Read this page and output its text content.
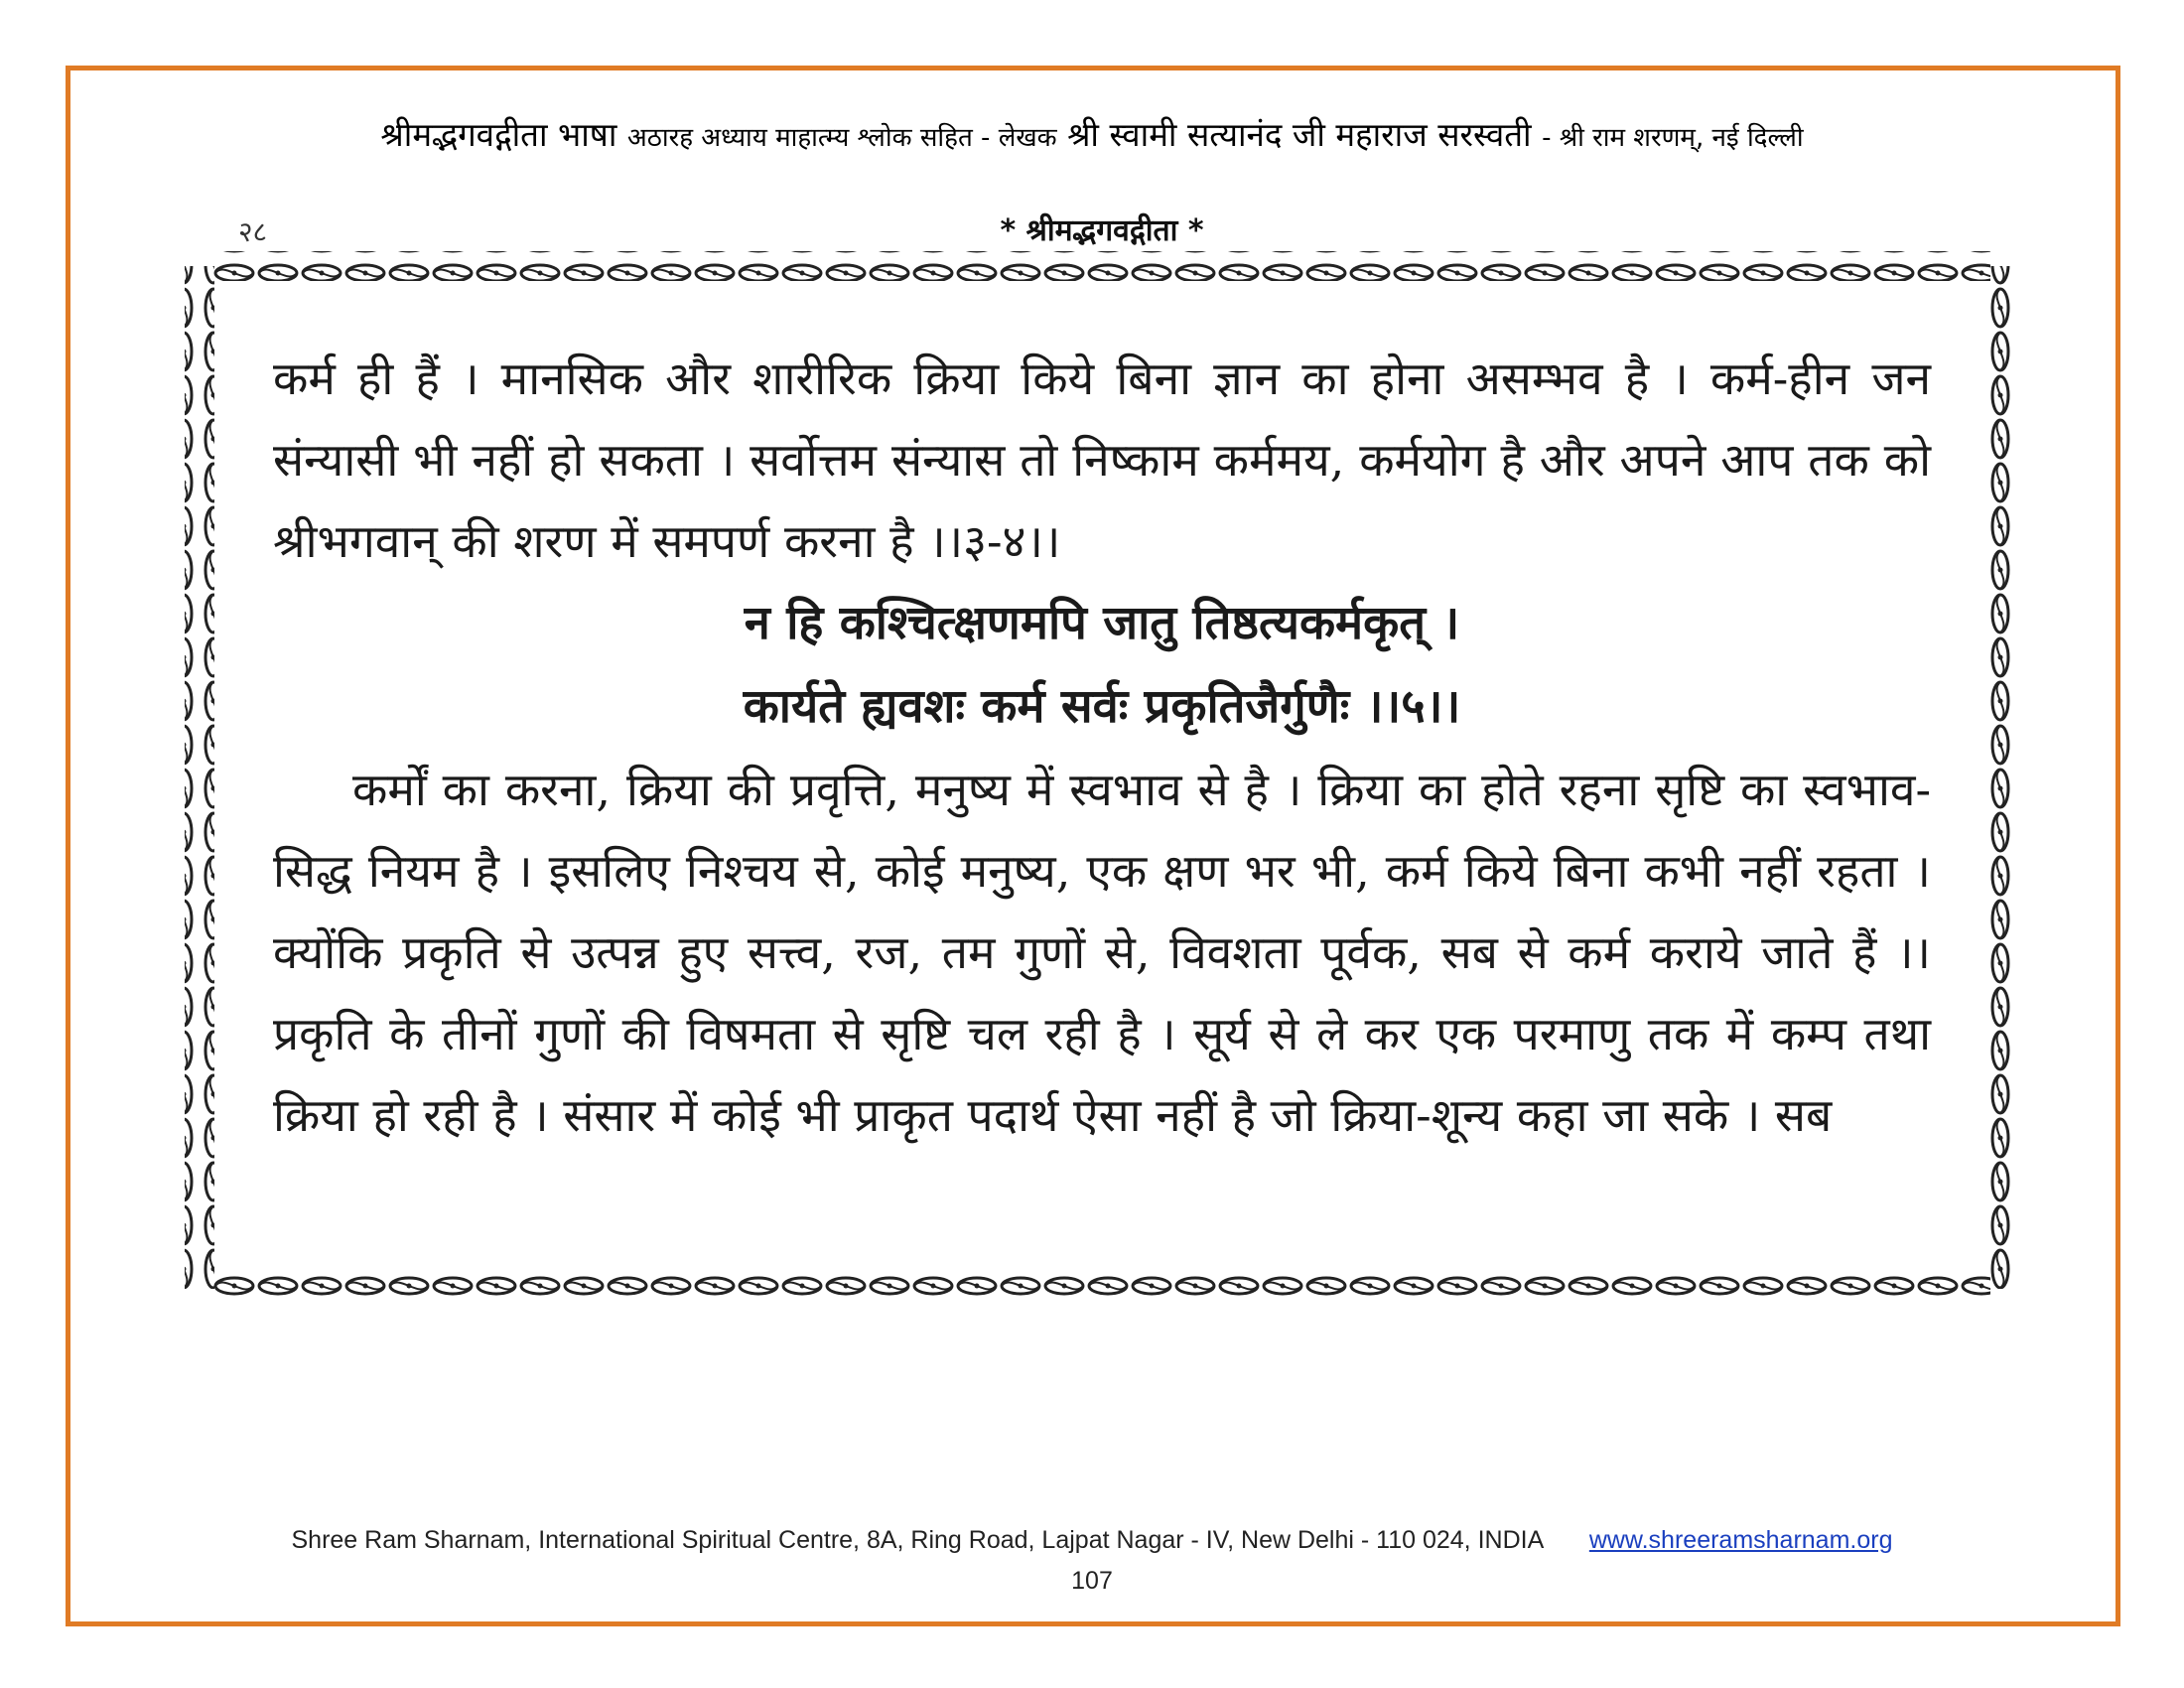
श्रीमद्भगवद्गीता भाषा अठारह अध्याय माहात्म्य श्लोक सहित - लेखक श्री स्वामी सत्यानंद जी महाराज सरस्वती - श्री राम शरणम्, नई दिल्ली
२८	* श्रीमद्भगवद्गीता *

कर्म ही हैं । मानसिक और शारीरिक क्रिया किये बिना ज्ञान का होना असम्भव है । कर्म-हीन जन संन्यासी भी नहीं हो सकता । सर्वोत्तम संन्यास तो निष्काम कर्ममय, कर्मयोग है और अपने आप तक को श्रीभगवान् की शरण में समपर्ण करना है ।।३-४।।

न हि कश्चित्क्षणमपि जातु तिष्ठत्यकर्मकृत् ।
कार्यते ह्यवशः कर्म सर्वः प्रकृतिजैर्गुणैः ।।५।।

कर्मों का करना, क्रिया की प्रवृत्ति, मनुष्य में स्वभाव से है । क्रिया का होते रहना सृष्टि का स्वभाव-सिद्ध नियम है । इसलिए निश्चय से, कोई मनुष्य, एक क्षण भर भी, कर्म किये बिना कभी नहीं रहता । क्योंकि प्रकृति से उत्पन्न हुए सत्त्व, रज, तम गुणों से, विवशता पूर्वक, सब से कर्म कराये जाते हैं ।। प्रकृति के तीनों गुणों की विषमता से सृष्टि चल रही है । सूर्य से ले कर एक परमाणु तक में कम्प तथा क्रिया हो रही है । संसार में कोई भी प्राकृत पदार्थ ऐसा नहीं है जो क्रिया-शून्य कहा जा सके । सब

Shree Ram Sharnam, International Spiritual Centre, 8A, Ring Road, Lajpat Nagar - IV, New Delhi - 110 024, INDIA www.shreeramsharnam.org
107
